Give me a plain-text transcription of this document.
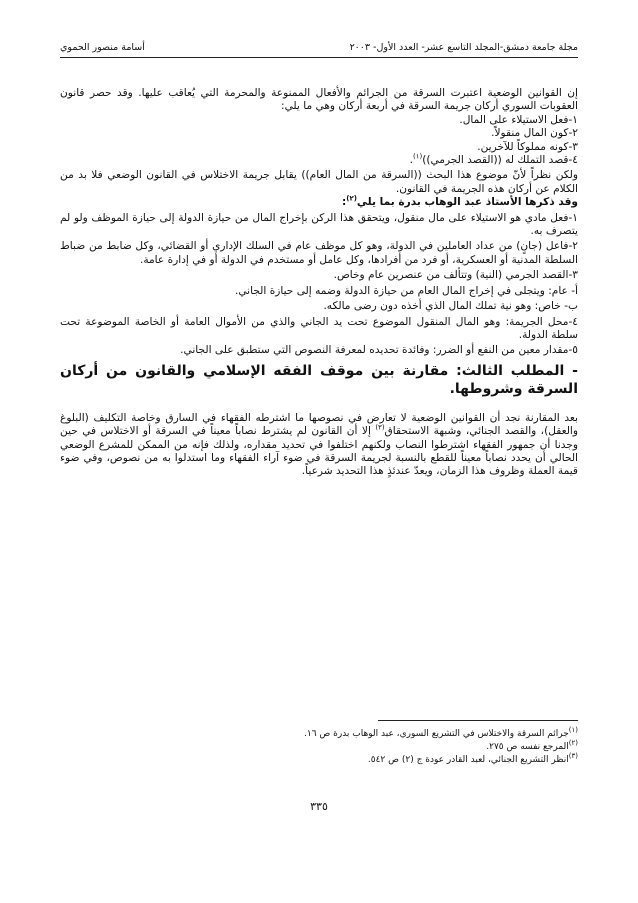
مجلة جامعة دمشق-المجلد التاسع عشر- العدد الأول- ٢٠٠٣
أسامة منصور الحموي

إن القوانين الوضعية اعتبرت السرقة من الجرائم والأفعال الممنوعة والمحرمة التي يُعاقب عليها. وقد حصر قانون العقوبات السوري أركان جريمة السرقة في أربعة أركان وهي ما يلي:

١-فعل الاستيلاء على المال.

٢-كون المال منقولاً.

٣-كونه مملوكاً للآخرين.

٤-قصد التملك له ((القصد الجرمي))$^{(١)}$.

ولكن نظراً لأنّ موضوع هذا البحث ((السرقة من المال العام)) يقابل جريمة الاختلاس في القانون الوضعي فلا بد من الكلام عن أركان هذه الجريمة في القانون.

وقد ذكرها الأستاذ عبد الوهاب بدرة بما يلي$^{(٢)}$:

١-فعل مادي هو الاستيلاء على مال منقول، ويتحقق هذا الركن بإخراج المال من حيازة الدولة إلى حيازة الموظف ولو لم يتصرف به.

٢-فاعل (جانٍ) من عداد العاملين في الدولة، وهو كل موظف عام في السلك الإداري أو القضائي، وكل ضابط من ضباط السلطة المدنية أو العسكرية، أو فرد من أفرادها، وكل عامل أو مستخدم في الدولة أو في إدارة عامة.

٣-القصد الجرمي (النية) وتتألف من عنصرين عام وخاص.

أ- عام: ويتجلى في إخراج المال العام من حيازة الدولة وضمه إلى حيازة الجاني.

ب- خاص: وهو نية تملك المال الذي أخذه دون رضى مالكه.

٤-محل الجريمة: وهو المال المنقول الموضوع تحت يد الجاني والذي من الأموال العامة أو الخاصة الموضوعة تحت سلطة الدولة.

٥-مقدار معين من النفع أو الضرر: وفائدة تحديده لمعرفة النصوص التي ستطبق على الجاني.

- المطلب الثالث: مقارنة بين موقف الفقه الإسلامي والقانون من أركان السرقة وشروطها.

بعد المقارنة نجد أن القوانين الوضعية لا تعارض في نصوصها ما اشترطه الفقهاء في السارق وخاصة التكليف (البلوغ والعقل)، والقصد الجنائي، وشبهة الاستحقاق$^{(٣)}$ إلا أن القانون لم يشترط نصاباً معيناً في السرقة أو الاختلاس في حين وجدنا أن جمهور الفقهاء اشترطوا النصاب ولكنهم اختلفوا في تحديد مقداره، ولذلك فإنه من الممكن للمشرع الوضعي الحالي أن يحدد نصاباً معيناً للقطع بالنسبة لجريمة السرقة في ضوء آراء الفقهاء وما استدلوا به من نصوص، وفي ضوء قيمة العملة وظروف هذا الزمان، ويعدّ عندئذٍ هذا التحديد شرعياً.

$^{(١)}$جرائم السرقة والاختلاس في التشريع السوري، عبد الوهاب بدرة ص ١٦.

$^{(٢)}$المرجع نفسه ص ٢٧٥.

$^{(٣)}$انظر التشريع الجنائي، لعبد القادر عودة ج (٢) ص ٥٤٢.

٣٣٥
